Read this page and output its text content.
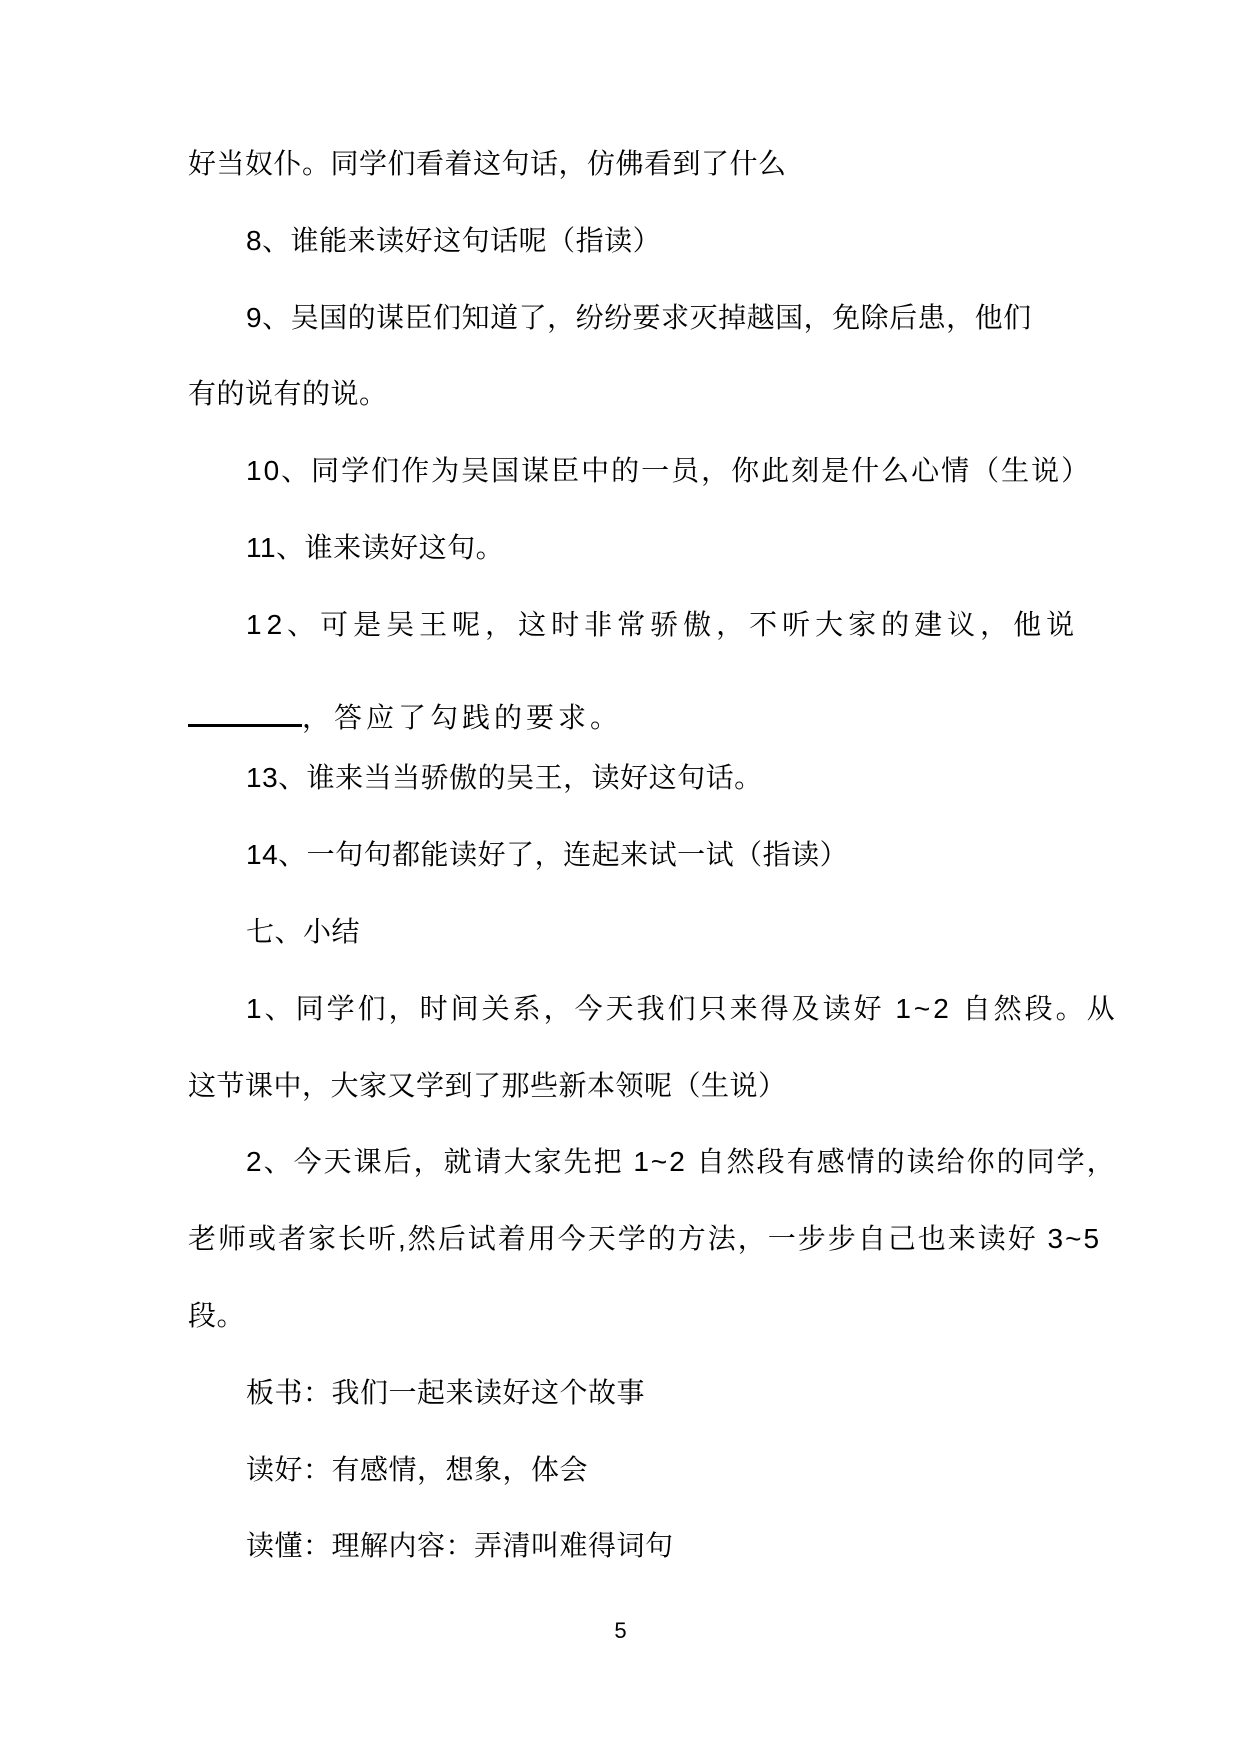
好当奴仆。同学们看着这句话，仿佛看到了什么
8、谁能来读好这句话呢（指读）
9、吴国的谋臣们知道了，纷纷要求灭掉越国，免除后患，他们
有的说有的说。
10、同学们作为吴国谋臣中的一员，你此刻是什么心情（生说）
11、谁来读好这句。
12、可是吴王呢，这时非常骄傲，不听大家的建议，他说
，答应了勾践的要求。
13、谁来当当骄傲的吴王，读好这句话。
14、一句句都能读好了，连起来试一试（指读）
七、小结
1、同学们，时间关系，今天我们只来得及读好 1~2 自然段。从
这节课中，大家又学到了那些新本领呢（生说）
2、今天课后，就请大家先把 1~2 自然段有感情的读给你的同学，
老师或者家长听,然后试着用今天学的方法，一步步自己也来读好 3~5
段。
板书：我们一起来读好这个故事
读好：有感情，想象，体会
读懂：理解内容：弄清叫难得词句
5
